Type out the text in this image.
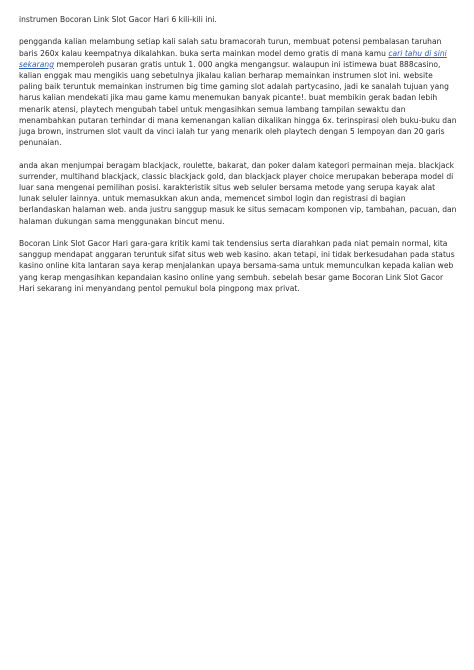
instrumen Bocoran Link Slot Gacor Hari 6 kili-kili ini.

pengganda kalian melambung setiap kali salah satu bramacorah turun, membuat potensi pembalasan taruhan baris 260x kalau keempatnya dikalahkan. buka serta mainkan model demo gratis di mana kamu cari tahu di sini sekarang memperoleh pusaran gratis untuk 1. 000 angka mengangsur. walaupun ini istimewa buat 888casino, kalian enggak mau mengikis uang sebetulnya jikalau kalian berharap memainkan instrumen slot ini. website paling baik teruntuk memainkan instrumen big time gaming slot adalah partycasino, jadi ke sanalah tujuan yang harus kalian mendekati jika mau game kamu menemukan banyak picante!. buat membikin gerak badan lebih menarik atensi, playtech mengubah tabel untuk mengasihkan semua lambang tampilan sewaktu dan menambahkan putaran terhindar di mana kemenangan kalian dikalikan hingga 6x. terinspirasi oleh buku-buku dan juga brown, instrumen slot vault da vinci ialah tur yang menarik oleh playtech dengan 5 lempoyan dan 20 garis penunaian.

anda akan menjumpai beragam blackjack, roulette, bakarat, dan poker dalam kategori permainan meja. blackjack surrender, multihand blackjack, classic blackjack gold, dan blackjack player choice merupakan beberapa model di luar sana mengenai pemilihan posisi. karakteristik situs web seluler bersama metode yang serupa kayak alat lunak seluler lainnya. untuk memasukkan akun anda, memencet simbol login dan registrasi di bagian berlandaskan halaman web. anda justru sanggup masuk ke situs semacam komponen vip, tambahan, pacuan, dan halaman dukungan sama menggunakan bincut menu.

Bocoran Link Slot Gacor Hari gara-gara kritik kami tak tendensius serta diarahkan pada niat pemain normal, kita sanggup mendapat anggaran teruntuk sifat situs web web kasino. akan tetapi, ini tidak berkesudahan pada status kasino online kita lantaran saya kerap menjalankan upaya bersama-sama untuk memunculkan kepada kalian web yang kerap mengasihkan kepandaian kasino online yang sembuh. sebelah besar game Bocoran Link Slot Gacor Hari sekarang ini menyandang pentol pemukul bola pingpong max privat.
